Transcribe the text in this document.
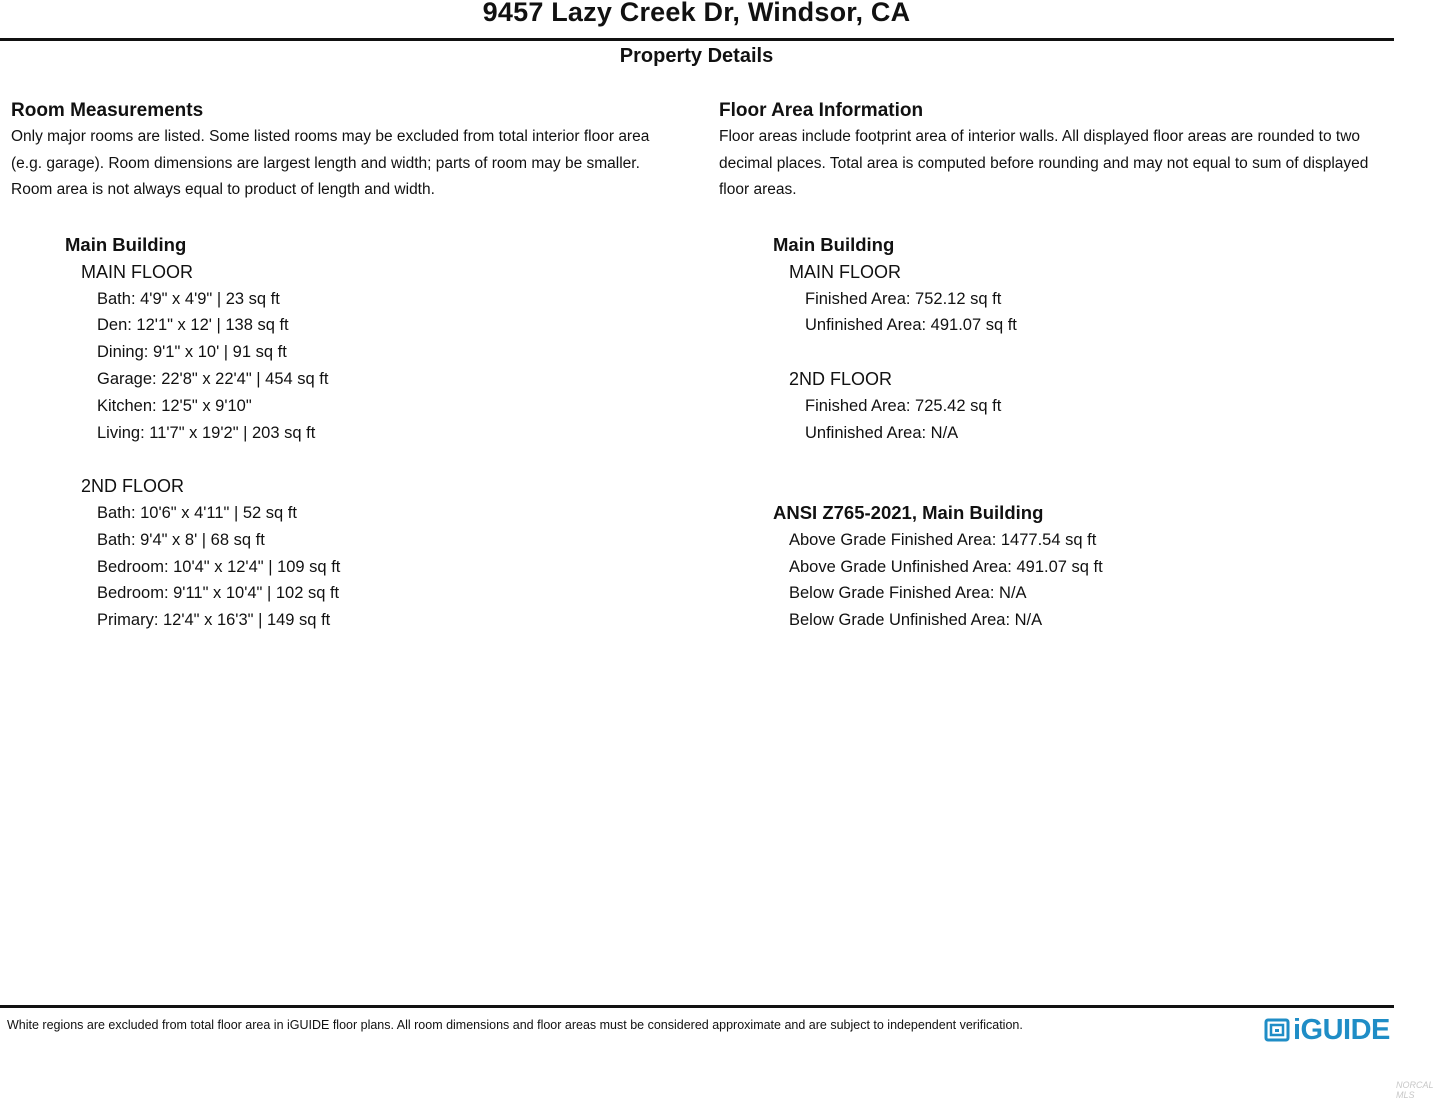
9457 Lazy Creek Dr, Windsor, CA
Property Details
Room Measurements

Only major rooms are listed. Some listed rooms may be excluded from total interior floor area
(e.g. garage). Room dimensions are largest length and width; parts of room may be smaller.
Room area is not always equal to product of length and width.

Floor Area Information

Floor areas include footprint area of interior walls. All displayed floor areas are rounded to two
decimal places. Total area is computed before rounding and may not equal to sum of displayed
floor areas.

Main Building
MAIN FLOOR
Bath: 4'9" x 4'9" | 23 sq ft
Den: 12'1" x 12' | 138 sq ft
Dining: 9'1" x 10' | 91 sq ft
Garage: 22'8" x 22'4" | 454 sq ft
Kitchen: 12'5" x 9'10"
Living: 11'7" x 19'2" | 203 sq ft
2ND FLOOR
Bath: 10'6" x 4'11" | 52 sq ft
Bath: 9'4" x 8' | 68 sq ft
Bedroom: 10'4" x 12'4" | 109 sq ft
Bedroom: 9'11" x 10'4" | 102 sq ft
Primary: 12'4" x 16'3" | 149 sq ft
Main Building
MAIN FLOOR
Finished Area: 752.12 sq ft
Unfinished Area: 491.07 sq ft
2ND FLOOR
Finished Area: 725.42 sq ft
Unfinished Area: N/A
ANSI Z765-2021, Main Building
Above Grade Finished Area: 1477.54 sq ft
Above Grade Unfinished Area: 491.07 sq ft
Below Grade Finished Area: N/A
Below Grade Unfinished Area: N/A
White regions are excluded from total floor area in iGUIDE floor plans. All room dimensions and floor areas must be considered approximate and are subject to independent verification.	iGUIDE
NORCAL
MLS
